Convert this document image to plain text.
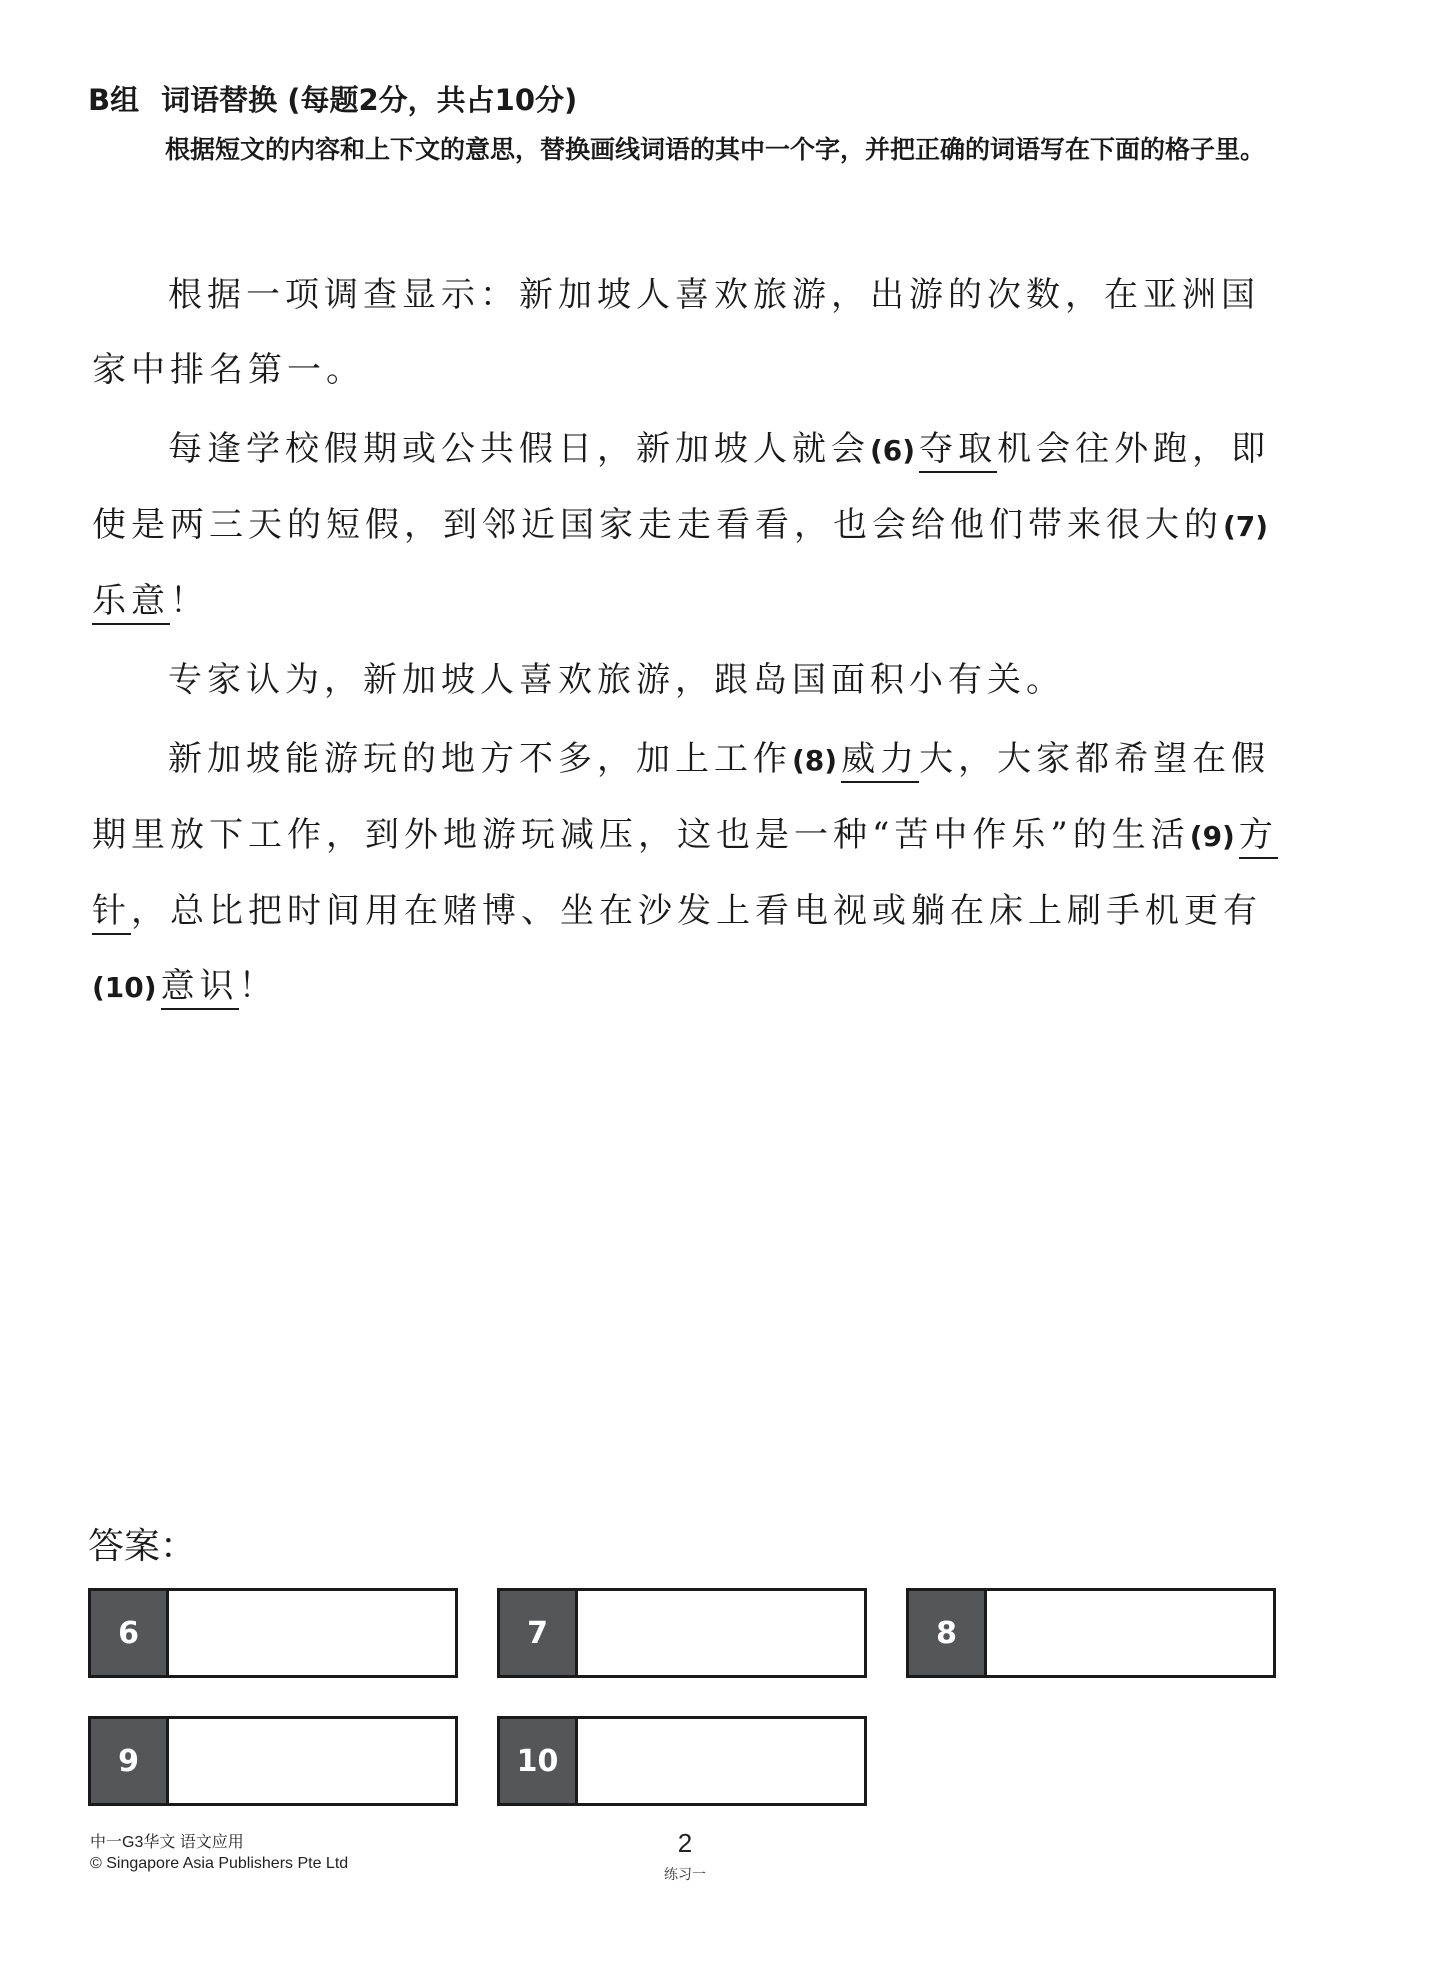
B组 词语替换 (每题2分，共占10分)
根据短文的内容和上下文的意思，替换画线词语的其中一个字，并把正确的词语写在下面的格子里。

根据一项调查显示：新加坡人喜欢旅游，出游的次数，在亚洲国家中排名第一。

每逢学校假期或公共假日，新加坡人就会(6) 夺取机会往外跑，即使是两三天的短假，到邻近国家走走看看，也会给他们带来很大的(7)乐意！

专家认为，新加坡人喜欢旅游，跟岛国面积小有关。

新加坡能游玩的地方不多，加上工作(8) 威力大，大家都希望在假期里放下工作，到外地游玩减压，这也是一种“苦中作乐”的生活(9) 方针，总比把时间用在赌博、坐在沙发上看电视或躺在床上刷手机更有(10) 意识！

答案：
6	7	8
9	10
中一G3华文 语文应用
© Singapore Asia Publishers Pte Ltd
2
练习一
